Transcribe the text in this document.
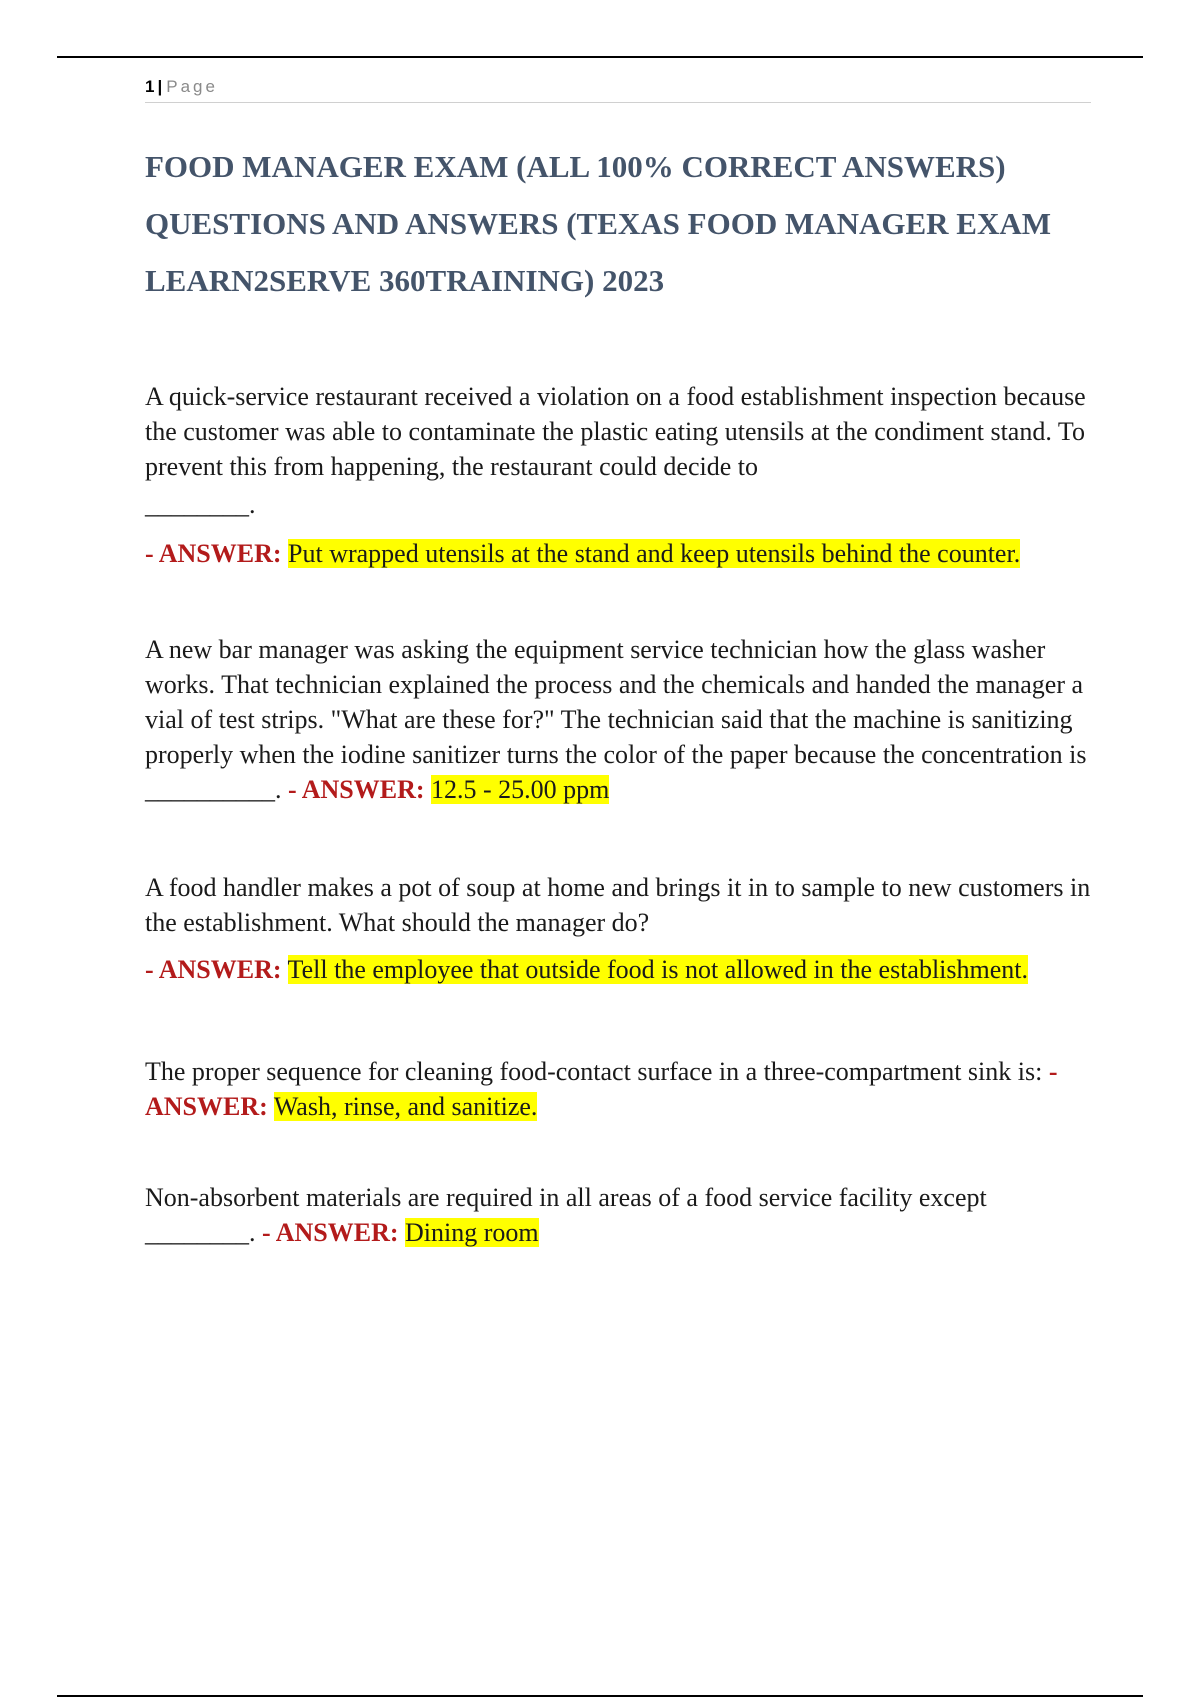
1 | Page
FOOD MANAGER EXAM (ALL 100% CORRECT ANSWERS)
QUESTIONS AND ANSWERS (TEXAS FOOD MANAGER EXAM
LEARN2SERVE 360TRAINING) 2023

A quick-service restaurant received a violation on a food establishment inspection because the customer was able to contaminate the plastic eating utensils at the condiment stand. To prevent this from happening, the restaurant could decide to

________.

- ANSWER: Put wrapped utensils at the stand and keep utensils behind the counter.

A new bar manager was asking the equipment service technician how the glass washer works. That technician explained the process and the chemicals and handed the manager a vial of test strips. "What are these for?" The technician said that the machine is sanitizing properly when the iodine sanitizer turns the color of the paper because the concentration is __________. - ANSWER: 12.5 - 25.00 ppm

A food handler makes a pot of soup at home and brings it in to sample to new customers in the establishment. What should the manager do?

- ANSWER: Tell the employee that outside food is not allowed in the establishment.

The proper sequence for cleaning food-contact surface in a three-compartment sink is: - ANSWER: Wash, rinse, and sanitize.

Non-absorbent materials are required in all areas of a food service facility except ________. - ANSWER: Dining room
